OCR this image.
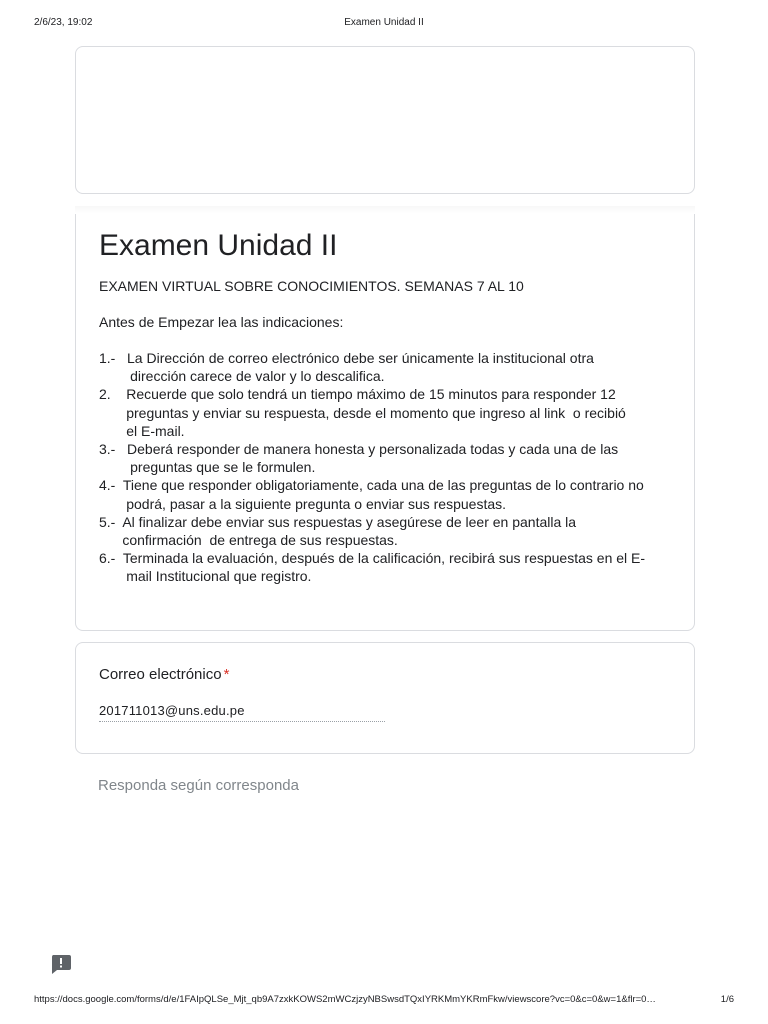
2/6/23, 19:02	Examen Unidad II
Examen Unidad II
EXAMEN VIRTUAL SOBRE CONOCIMIENTOS. SEMANAS 7 AL 10
Antes de Empezar lea las indicaciones:
1.-   La Dirección de correo electrónico debe ser únicamente la institucional otra
dirección carece de valor y lo descalifica.
2.    Recuerde que solo tendrá un tiempo máximo de 15 minutos para responder 12
preguntas y enviar su respuesta, desde el momento que ingreso al link  o recibió
el E-mail.
3.-   Deberá responder de manera honesta y personalizada todas y cada una de las
preguntas que se le formulen.
4.-  Tiene que responder obligatoriamente, cada una de las preguntas de lo contrario no
podrá, pasar a la siguiente pregunta o enviar sus respuestas.
5.-  Al finalizar debe enviar sus respuestas y asegúrese de leer en pantalla la
confirmación  de entrega de sus respuestas.
6.-  Terminada la evaluación, después de la calificación, recibirá sus respuestas en el E-
mail Institucional que registro.
Correo electrónico *
201711013@uns.edu.pe
Responda según corresponda
https://docs.google.com/forms/d/e/1FAIpQLSe_Mjt_qb9A7zxkKOWS2mWCzjzyNBSwsdTQxIYRKMmYKRmFkw/viewscore?vc=0&c=0&w=1&flr=0…	1/6
